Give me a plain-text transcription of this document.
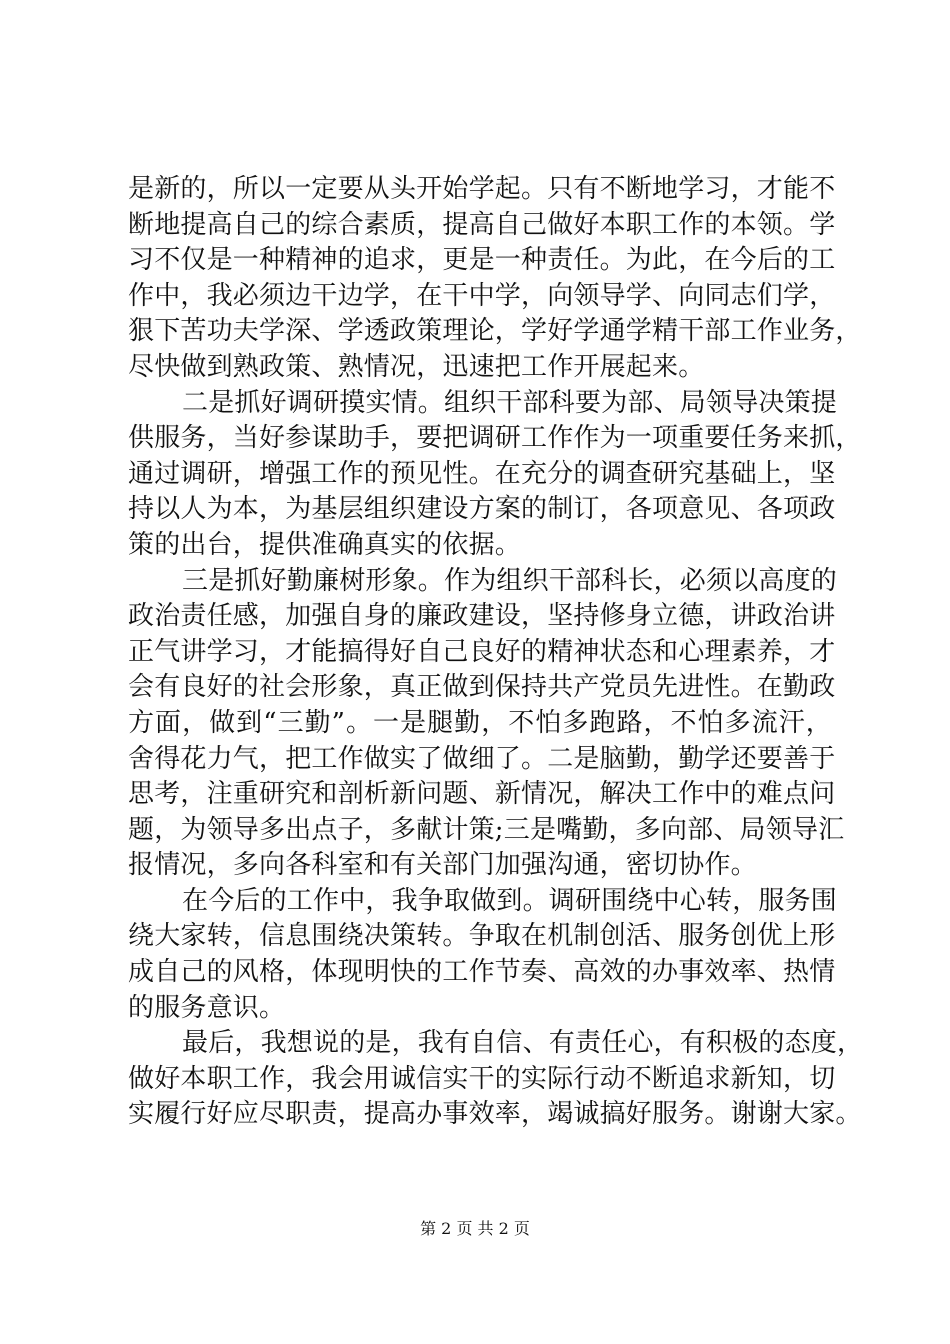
是新的，所以一定要从头开始学起。只有不断地学习，才能不
断地提高自己的综合素质，提高自己做好本职工作的本领。学
习不仅是一种精神的追求，更是一种责任。为此，在今后的工
作中，我必须边干边学，在干中学，向领导学、向同志们学，
狠下苦功夫学深、学透政策理论，学好学通学精干部工作业务，
尽快做到熟政策、熟情况，迅速把工作开展起来。
二是抓好调研摸实情。组织干部科要为部、局领导决策提
供服务，当好参谋助手，要把调研工作作为一项重要任务来抓，
通过调研，增强工作的预见性。在充分的调查研究基础上，坚
持以人为本，为基层组织建设方案的制订，各项意见、各项政
策的出台，提供准确真实的依据。
三是抓好勤廉树形象。作为组织干部科长，必须以高度的
政治责任感，加强自身的廉政建设，坚持修身立德，讲政治讲
正气讲学习，才能搞得好自己良好的精神状态和心理素养，才
会有良好的社会形象，真正做到保持共产党员先进性。在勤政
方面，做到“三勤”。一是腿勤，不怕多跑路，不怕多流汗，
舍得花力气，把工作做实了做细了。二是脑勤，勤学还要善于
思考，注重研究和剖析新问题、新情况，解决工作中的难点问
题，为领导多出点子，多献计策;三是嘴勤，多向部、局领导汇
报情况，多向各科室和有关部门加强沟通，密切协作。
在今后的工作中，我争取做到。调研围绕中心转，服务围
绕大家转，信息围绕决策转。争取在机制创活、服务创优上形
成自己的风格，体现明快的工作节奏、高效的办事效率、热情
的服务意识。
最后，我想说的是，我有自信、有责任心，有积极的态度，
做好本职工作，我会用诚信实干的实际行动不断追求新知，切
实履行好应尽职责，提高办事效率，竭诚搞好服务。谢谢大家。
第 2 页 共 2 页
